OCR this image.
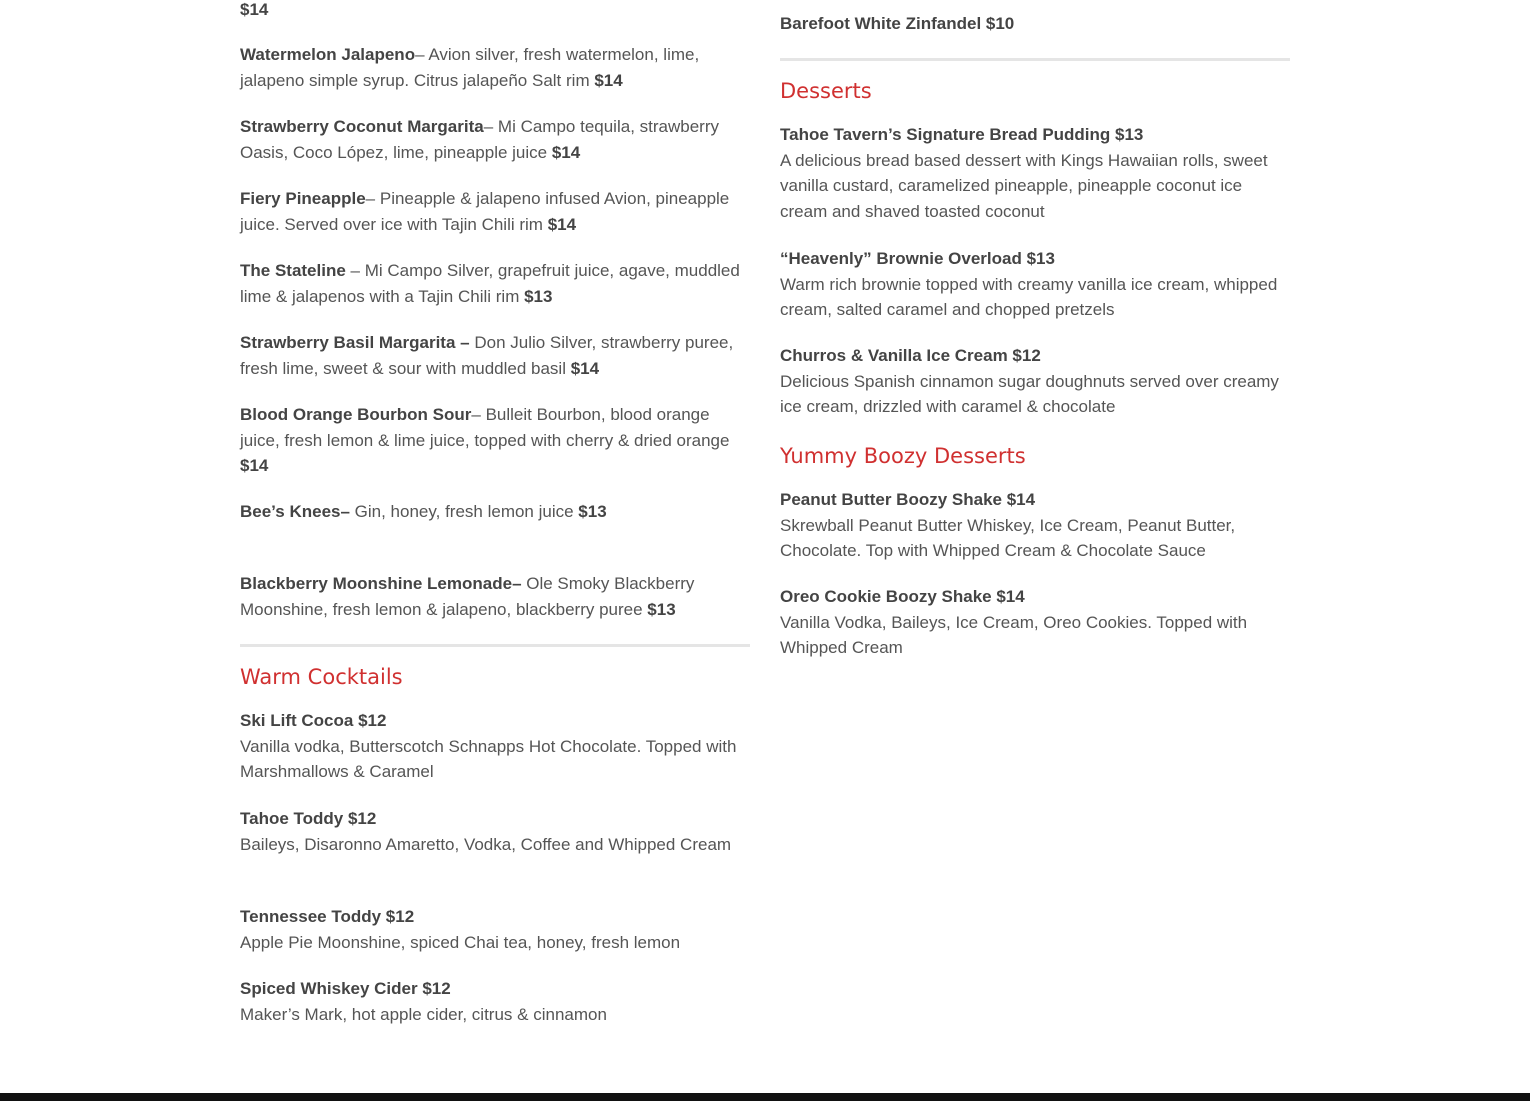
$14

Watermelon Jalapeno– Avion silver, fresh watermelon, lime, jalapeno simple syrup. Citrus jalapeño Salt rim $14

Strawberry Coconut Margarita– Mi Campo tequila, strawberry Oasis, Coco López, lime, pineapple juice $14

Fiery Pineapple– Pineapple & jalapeno infused Avion, pineapple juice. Served over ice with Tajin Chili rim $14

The Stateline – Mi Campo Silver, grapefruit juice, agave, muddled lime & jalapenos with a Tajin Chili rim $13

Strawberry Basil Margarita – Don Julio Silver, strawberry puree, fresh lime, sweet & sour with muddled basil $14

Blood Orange Bourbon Sour– Bulleit Bourbon, blood orange juice, fresh lemon & lime juice, topped with cherry & dried orange $14

Bee’s Knees– Gin, honey, fresh lemon juice $13

Blackberry Moonshine Lemonade– Ole Smoky Blackberry Moonshine, fresh lemon & jalapeno, blackberry puree $13

Warm Cocktails

Ski Lift Cocoa $12
Vanilla vodka, Butterscotch Schnapps Hot Chocolate. Topped with Marshmallows & Caramel

Tahoe Toddy $12
Baileys, Disaronno Amaretto, Vodka, Coffee and Whipped Cream

Tennessee Toddy $12
Apple Pie Moonshine, spiced Chai tea, honey, fresh lemon

Spiced Whiskey Cider $12
Maker’s Mark, hot apple cider, citrus & cinnamon

Barefoot White Zinfandel $10

Desserts

Tahoe Tavern’s Signature Bread Pudding $13
A delicious bread based dessert with Kings Hawaiian rolls, sweet vanilla custard, caramelized pineapple, pineapple coconut ice cream and shaved toasted coconut

“Heavenly” Brownie Overload $13
Warm rich brownie topped with creamy vanilla ice cream, whipped cream, salted caramel and chopped pretzels

Churros & Vanilla Ice Cream $12
Delicious Spanish cinnamon sugar doughnuts served over creamy ice cream, drizzled with caramel & chocolate

Yummy Boozy Desserts

Peanut Butter Boozy Shake $14
Skrewball Peanut Butter Whiskey, Ice Cream, Peanut Butter, Chocolate. Top with Whipped Cream & Chocolate Sauce

Oreo Cookie Boozy Shake $14
Vanilla Vodka, Baileys, Ice Cream, Oreo Cookies. Topped with Whipped Cream
